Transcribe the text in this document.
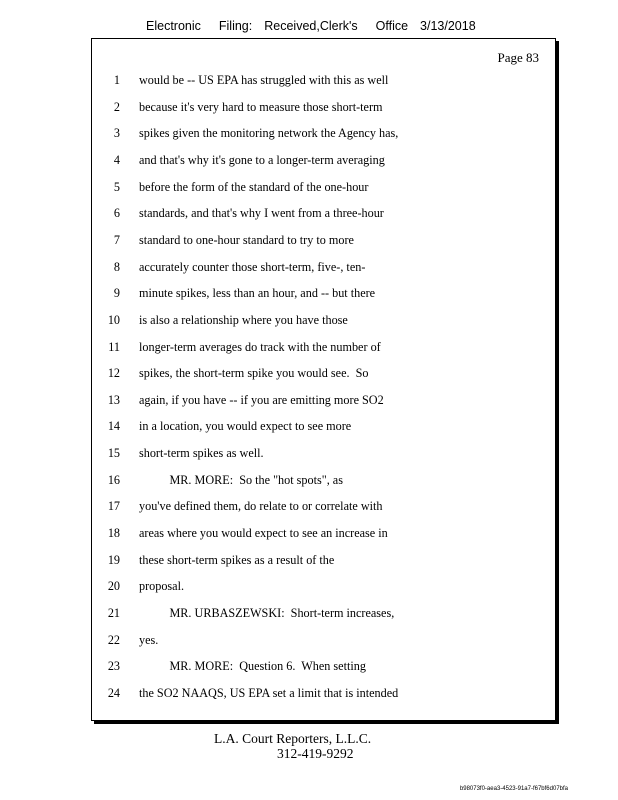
Electronic Filing: Received,Clerk's Office 3/13/2018
Page 83
1 would be -- US EPA has struggled with this as well
2 because it's very hard to measure those short-term
3 spikes given the monitoring network the Agency has,
4 and that's why it's gone to a longer-term averaging
5 before the form of the standard of the one-hour
6 standards, and that's why I went from a three-hour
7 standard to one-hour standard to try to more
8 accurately counter those short-term, five-, ten-
9 minute spikes, less than an hour, and -- but there
10 is also a relationship where you have those
11 longer-term averages do track with the number of
12 spikes, the short-term spike you would see.  So
13 again, if you have -- if you are emitting more SO2
14 in a location, you would expect to see more
15 short-term spikes as well.
16 MR. MORE:  So the "hot spots", as
17 you've defined them, do relate to or correlate with
18 areas where you would expect to see an increase in
19 these short-term spikes as a result of the
20 proposal.
21 MR. URBASZEWSKI:  Short-term increases,
22 yes.
23 MR. MORE:  Question 6.  When setting
24 the SO2 NAAQS, US EPA set a limit that is intended
L.A. Court Reporters, L.L.C.
312-419-9292
b98073f0-aea3-4523-91a7-f67bf6d07bfa
